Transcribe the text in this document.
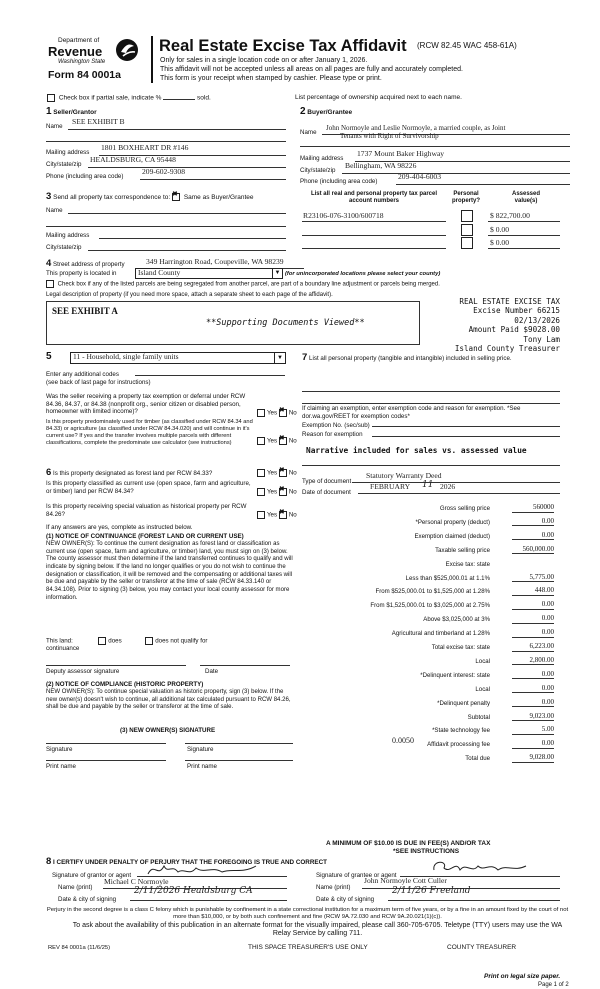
Department of
Revenue
Washington State
Form 84 0001a
Real Estate Excise Tax Affidavit (RCW 82.45 WAC 458-61A)
Only for sales in a single location code on or after January 1, 2026.
This affidavit will not be accepted unless all areas on all pages are fully and accurately completed.
This form is your receipt when stamped by cashier. Please type or print.
Check box if partial sale, indicate %	sold.	List percentage of ownership acquired next to each name.
1 Seller/Grantor
Name
SEE EXHIBIT B
Mailing address
1801 BOXHEART DR #146
City/state/zip
HEALDSBURG, CA 95448
Phone (including area code)
209-602-9308
2 Buyer/Grantee
Name
John Normoyle and Leslie Normoyle, a married couple, as Joint
Tenants with Right of Survivorship
Mailing address
1737 Mount Baker Highway
City/state/zip
Bellingham, WA 98226
Phone (including area code)
209-404-6003
3 Send all property tax correspondence to: ✖ Same as Buyer/Grantee
Name
Mailing address
City/state/zip
List all real and personal property tax parcel account numbers
Personal property?
Assessed value(s)
R23106-076-3100/600718	$ 822,700.00
$ 0.00
$ 0.00
4 Street address of property	349 Harrington Road, Coupeville, WA 98239
This property is located in	Island County	▼ (for unincorporated locations please select your county)
Check box if any of the listed parcels are being segregated from another parcel, are part of a boundary line adjustment or parcels being merged.
Legal description of property (if you need more space, attach a separate sheet to each page of the affidavit).
SEE EXHIBIT A
**Supporting Documents Viewed**
REAL ESTATE EXCISE TAX
Excise Number 66215
02/13/2026
Amount Paid $9028.00
Tony Lam
Island County Treasurer
5	11 - Household, single family units	▼
Enter any additional codes
(see back of last page for instructions)
Was the seller receiving a property tax exemption or deferral under RCW 84.36, 84.37, or 84.38 (nonprofit org., senior citizen or disabled person, homeowner with limited income)?	Yes ✖ No
Is this property predominately used for timber (as classified under RCW 84.34 and 84.33) or agriculture (as classified under RCW 84.34.020) and will continue in it's current use? If yes and the transfer involves multiple parcels with different classifications, complete the predominate use calculator (see instructions)	Yes ✖ No
6 Is this property designated as forest land per RCW 84.33?	Yes ✖ No
Is this property classified as current use (open space, farm and agriculture, or timber) land per RCW 84.34?	Yes ✖ No
Is this property receiving special valuation as historical property per RCW 84.26?	Yes ✖ No
If any answers are yes, complete as instructed below.
(1) NOTICE OF CONTINUANCE (FOREST LAND OR CURRENT USE)
NEW OWNER(S): To continue the current designation as forest land or classification as current use (open space, farm and agriculture, or timber) land, you must sign on (3) below. The county assessor must then determine if the land transferred continues to qualify and will indicate by signing below. If the land no longer qualifies or you do not wish to continue the designation or classification, it will be removed and the compensating or additional taxes will be due and payable by the seller or transferor at the time of sale (RCW 84.33.140 or 84.34.108). Prior to signing (3) below, you may contact your local county assessor for more information.
This land:	does	does not qualify for
continuance
Deputy assessor signature	Date
(2) NOTICE OF COMPLIANCE (HISTORIC PROPERTY)
NEW OWNER(S): To continue special valuation as historic property, sign (3) below. If the new owner(s) doesn't wish to continue, all additional tax calculated pursuant to RCW 84.26, shall be due and payable by the seller or transferor at the time of sale.
(3) NEW OWNER(S) SIGNATURE
Signature	Signature
Print name	Print name
7 List all personal property (tangible and intangible) included in selling price.
If claiming an exemption, enter exemption code and reason for exemption. *See dor.wa.gov/REET for exemption codes*
Exemption No. (sec/sub)
Reason for exemption
Narrative included for sales vs. assessed value
Type of document
Statutory Warranty Deed
Date of document
FEBRUARY 11 2026
Gross selling price	560000
*Personal property (deduct)	0.00
Exemption claimed (deduct)	0.00
Taxable selling price	560,000.00
Excise tax: state
Less than $525,000.01 at 1.1%	5,775.00
From $525,000.01 to $1,525,000 at 1.28%	448.00
From $1,525,000.01 to $3,025,000 at 2.75%	0.00
Above $3,025,000 at 3%	0.00
Agricultural and timberland at 1.28%	0.00
Total excise tax: state	6,223.00
Local	2,800.00
*Delinquent interest: state	0.00
Local	0.00
*Delinquent penalty	0.00
Subtotal	9,023.00
*State technology fee	5.00
Affidavit processing fee	0.00
Total due	9,028.00
0.0050
A MINIMUM OF $10.00 IS DUE IN FEE(S) AND/OR TAX
*SEE INSTRUCTIONS
8 I CERTIFY UNDER PENALTY OF PERJURY THAT THE FOREGOING IS TRUE AND CORRECT
Signature of grantor or agent
Name (print)
Michael C Normoyle
Date & city of signing
2/11/2026 Healdsburg CA
Signature of grantee or agent
Name (print)
John Normoyle Cott Culler
Date & city of signing
2/11/26 Freeland
Perjury in the second degree is a class C felony which is punishable by confinement in a state correctional institution for a maximum term of five years, or by a fine in an amount fixed by the court of not more than $10,000, or by both such confinement and fine (RCW 9A.72.030 and RCW 9A.20.021(1)(c)).
To ask about the availability of this publication in an alternate format for the visually impaired, please call 360-705-6705. Teletype (TTY) users may use the WA Relay Service by calling 711.
REV 84 0001a (11/6/25)	THIS SPACE TREASURER'S USE ONLY	COUNTY TREASURER
Print on legal size paper.
Page 1 of 2
